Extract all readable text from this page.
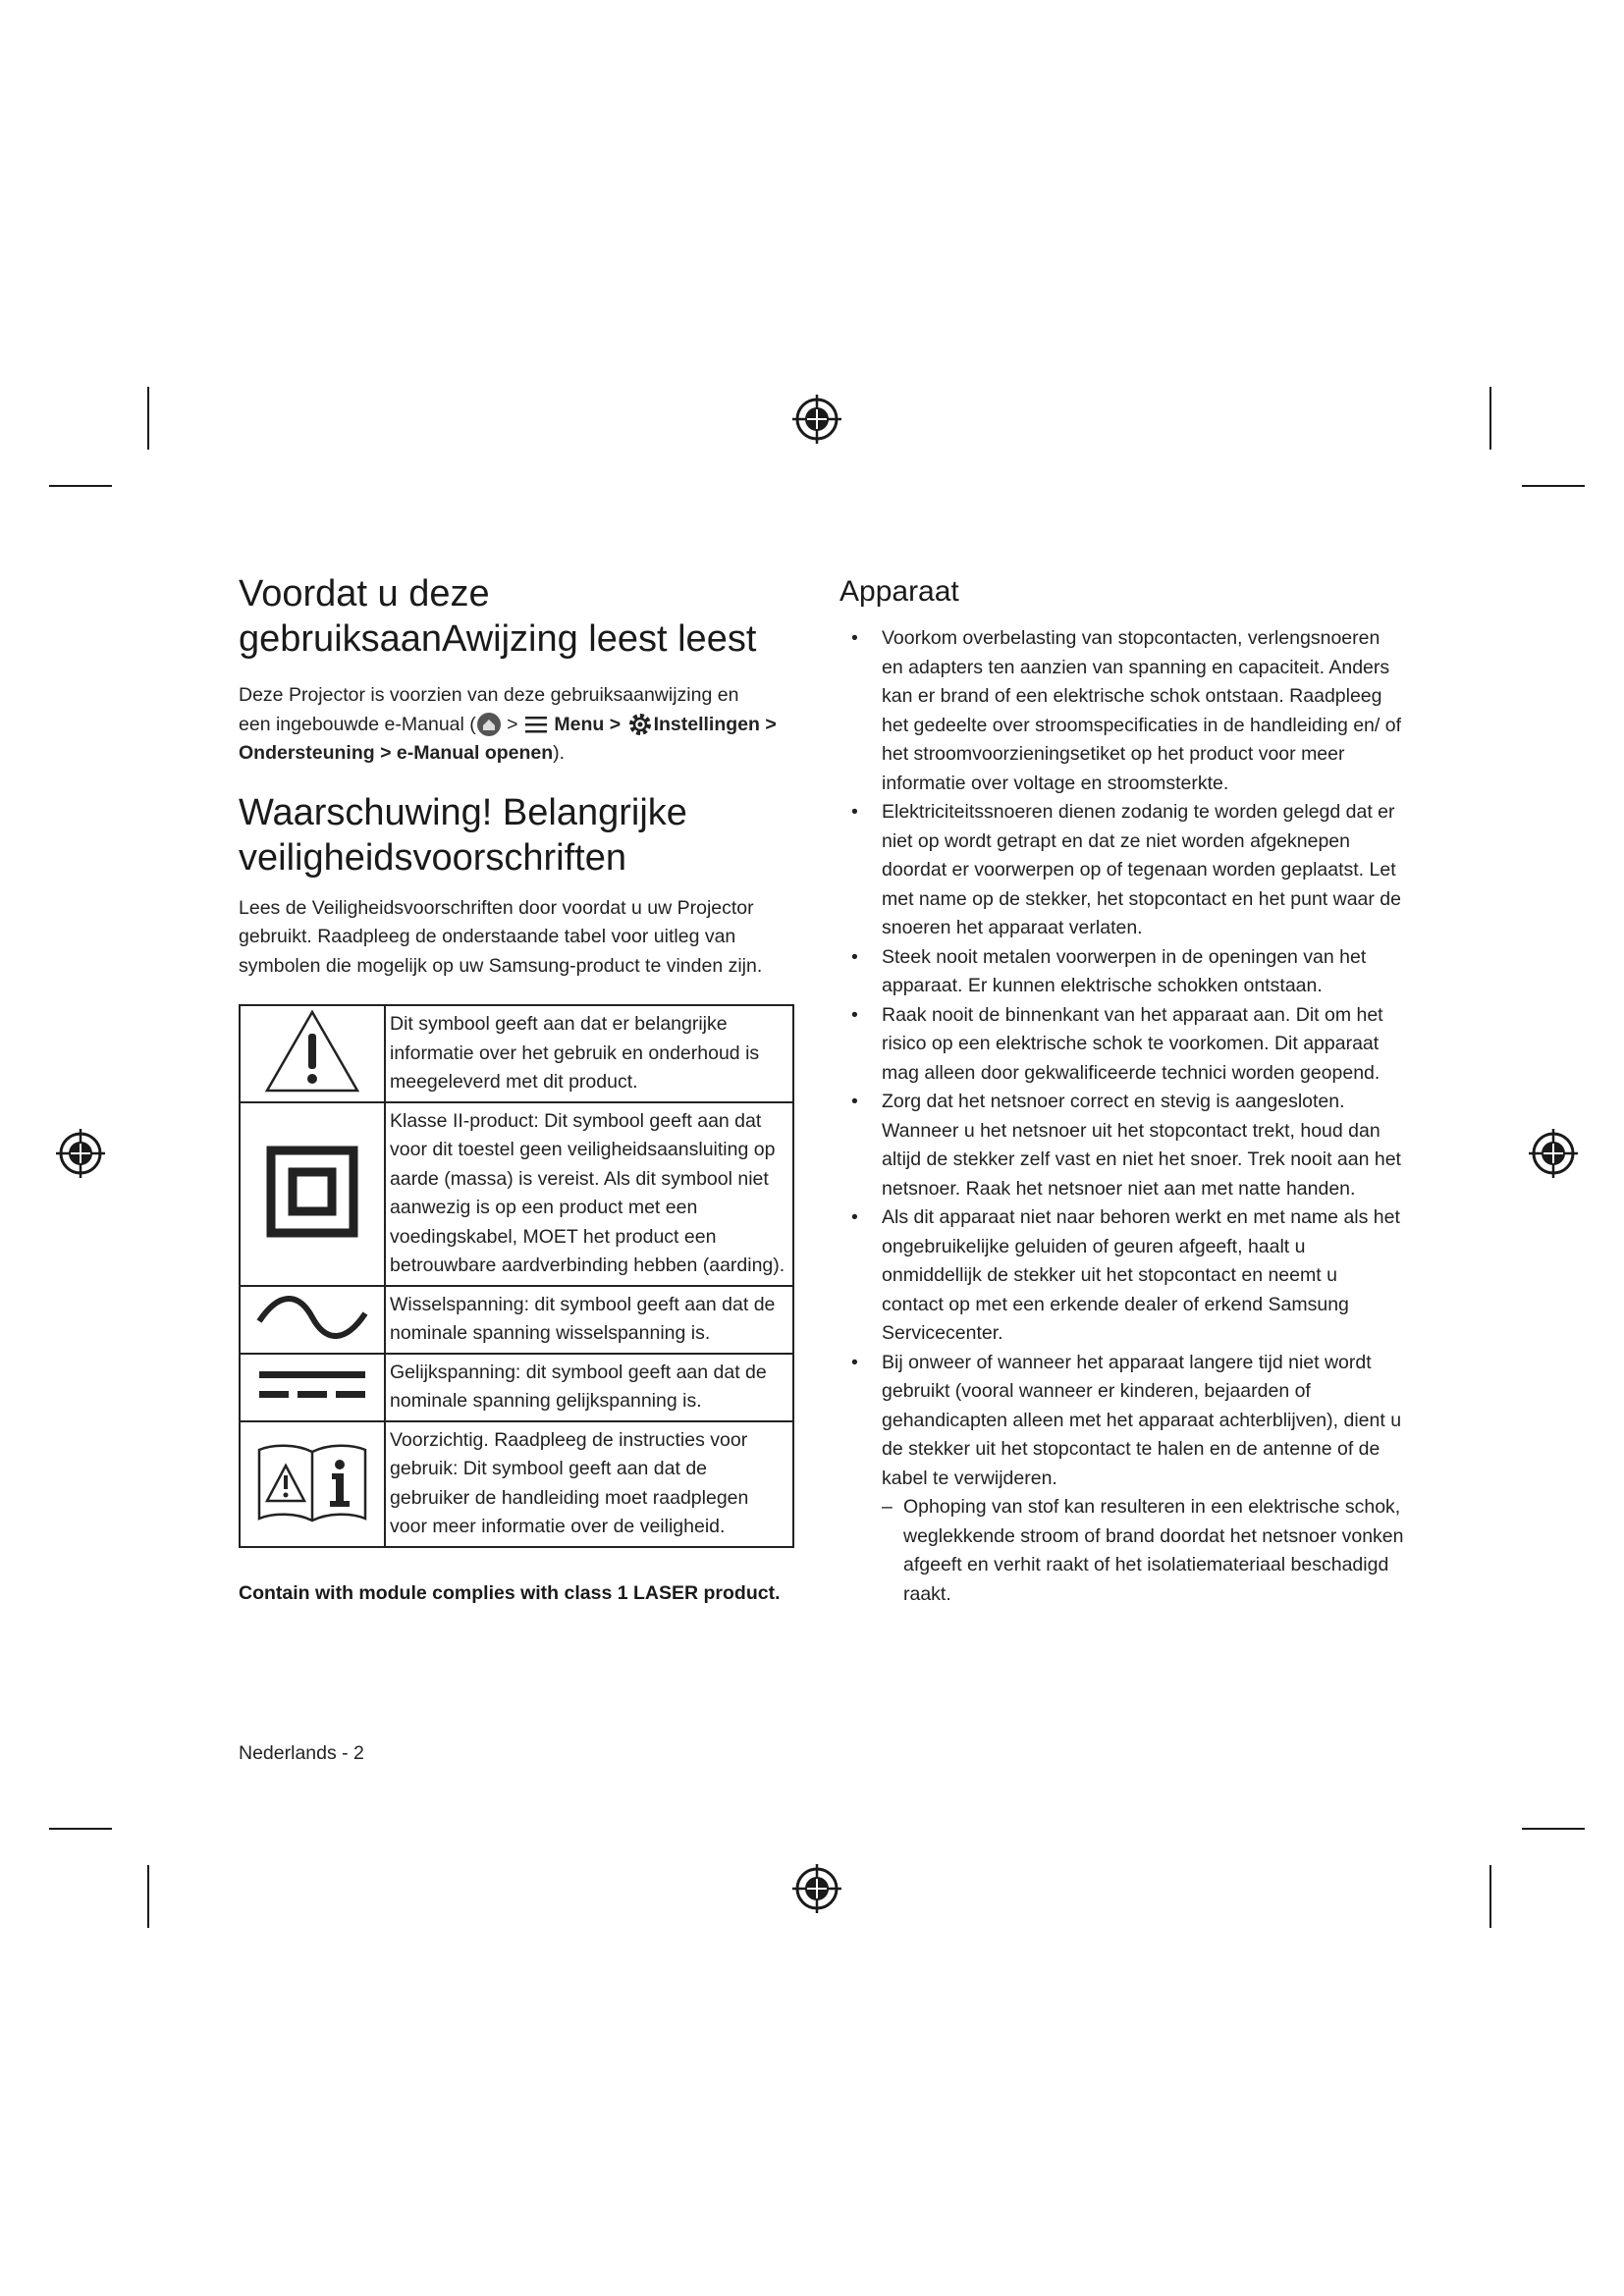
Voordat u deze gebruiksaanAwijzing leest leest
Deze Projector is voorzien van deze gebruiksaanwijzing en
een ingebouwde e-Manual ( >  Menu > Instellingen >
Ondersteuning > e-Manual openen).
Waarschuwing! Belangrijke veiligheidsvoorschriften
Lees de Veiligheidsvoorschriften door voordat u uw Projector gebruikt. Raadpleeg de onderstaande tabel voor uitleg van symbolen die mogelijk op uw Samsung-product te vinden zijn.
	Dit symbool geeft aan dat er belangrijke informatie over het gebruik en onderhoud is meegeleverd met dit product.
	Klasse II-product: Dit symbool geeft aan dat voor dit toestel geen veiligheidsaansluiting op aarde (massa) is vereist. Als dit symbool niet aanwezig is op een product met een voedingskabel, MOET het product een betrouwbare aardverbinding hebben (aarding).
	Wisselspanning: dit symbool geeft aan dat de nominale spanning wisselspanning is.
	Gelijkspanning: dit symbool geeft aan dat de nominale spanning gelijkspanning is.
	Voorzichtig. Raadpleeg de instructies voor gebruik: Dit symbool geeft aan dat de gebruiker de handleiding moet raadplegen voor meer informatie over de veiligheid.
Contain with module complies with class 1 LASER product.
Apparaat
• Voorkom overbelasting van stopcontacten, verlengsnoeren en adapters ten aanzien van spanning en capaciteit. Anders kan er brand of een elektrische schok ontstaan. Raadpleeg het gedeelte over stroomspecificaties in de handleiding en/ of het stroomvoorzieningsetiket op het product voor meer informatie over voltage en stroomsterkte.
• Elektriciteitssnoeren dienen zodanig te worden gelegd dat er niet op wordt getrapt en dat ze niet worden afgeknepen doordat er voorwerpen op of tegenaan worden geplaatst. Let met name op de stekker, het stopcontact en het punt waar de snoeren het apparaat verlaten.
• Steek nooit metalen voorwerpen in de openingen van het apparaat. Er kunnen elektrische schokken ontstaan.
• Raak nooit de binnenkant van het apparaat aan. Dit om het risico op een elektrische schok te voorkomen. Dit apparaat mag alleen door gekwalificeerde technici worden geopend.
• Zorg dat het netsnoer correct en stevig is aangesloten. Wanneer u het netsnoer uit het stopcontact trekt, houd dan altijd de stekker zelf vast en niet het snoer. Trek nooit aan het netsnoer. Raak het netsnoer niet aan met natte handen.
• Als dit apparaat niet naar behoren werkt en met name als het ongebruikelijke geluiden of geuren afgeeft, haalt u onmiddellijk de stekker uit het stopcontact en neemt u contact op met een erkende dealer of erkend Samsung Servicecenter.
• Bij onweer of wanneer het apparaat langere tijd niet wordt gebruikt (vooral wanneer er kinderen, bejaarden of gehandicapten alleen met het apparaat achterblijven), dient u de stekker uit het stopcontact te halen en de antenne of de kabel te verwijderen.
– Ophoping van stof kan resulteren in een elektrische schok, weglekkende stroom of brand doordat het netsnoer vonken afgeeft en verhit raakt of het isolatiemateriaal beschadigd raakt.
Nederlands - 2
